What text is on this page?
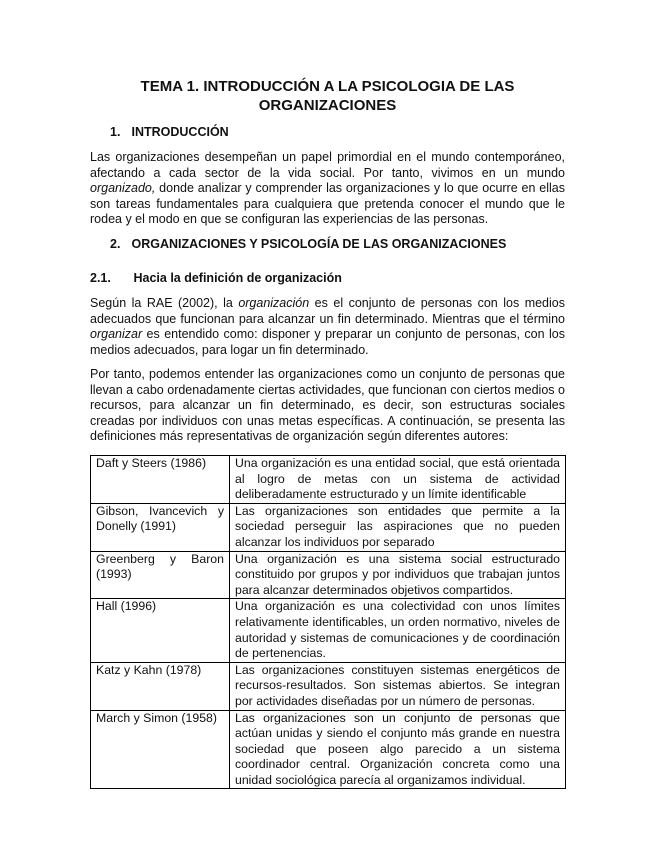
TEMA 1. INTRODUCCIÓN A LA PSICOLOGIA DE LAS
ORGANIZACIONES
1. INTRODUCCIÓN
Las organizaciones desempeñan un papel primordial en el mundo contemporáneo, afectando a cada sector de la vida social. Por tanto, vivimos en un mundo organizado, donde analizar y comprender las organizaciones y lo que ocurre en ellas son tareas fundamentales para cualquiera que pretenda conocer el mundo que le rodea y el modo en que se configuran las experiencias de las personas.
2. ORGANIZACIONES Y PSICOLOGÍA DE LAS ORGANIZACIONES
2.1. Hacia la definición de organización
Según la RAE (2002), la organización es el conjunto de personas con los medios adecuados que funcionan para alcanzar un fin determinado. Mientras que el término organizar es entendido como: disponer y preparar un conjunto de personas, con los medios adecuados, para logar un fin determinado.
Por tanto, podemos entender las organizaciones como un conjunto de personas que llevan a cabo ordenadamente ciertas actividades, que funcionan con ciertos medios o recursos, para alcanzar un fin determinado, es decir, son estructuras sociales creadas por individuos con unas metas específicas. A continuación, se presenta las definiciones más representativas de organización según diferentes autores:
Daft y Steers (1986)	Una organización es una entidad social, que está orientada al logro de metas con un sistema de actividad deliberadamente estructurado y un límite identificable
Gibson, Ivancevich y Donelly (1991)	Las organizaciones son entidades que permite a la sociedad perseguir las aspiraciones que no pueden alcanzar los individuos por separado
Greenberg y Baron (1993)	Una organización es una sistema social estructurado constituido por grupos y por individuos que trabajan juntos para alcanzar determinados objetivos compartidos.
Hall (1996)	Una organización es una colectividad con unos límites relativamente identificables, un orden normativo, niveles de autoridad y sistemas de comunicaciones y de coordinación de pertenencias.
Katz y Kahn (1978)	Las organizaciones constituyen sistemas energéticos de recursos-resultados. Son sistemas abiertos. Se integran por actividades diseñadas por un número de personas.
March y Simon (1958)	Las organizaciones son un conjunto de personas que actúan unidas y siendo el conjunto más grande en nuestra sociedad que poseen algo parecido a un sistema coordinador central. Organización concreta como una unidad sociológica parecía al organizamos individual.
